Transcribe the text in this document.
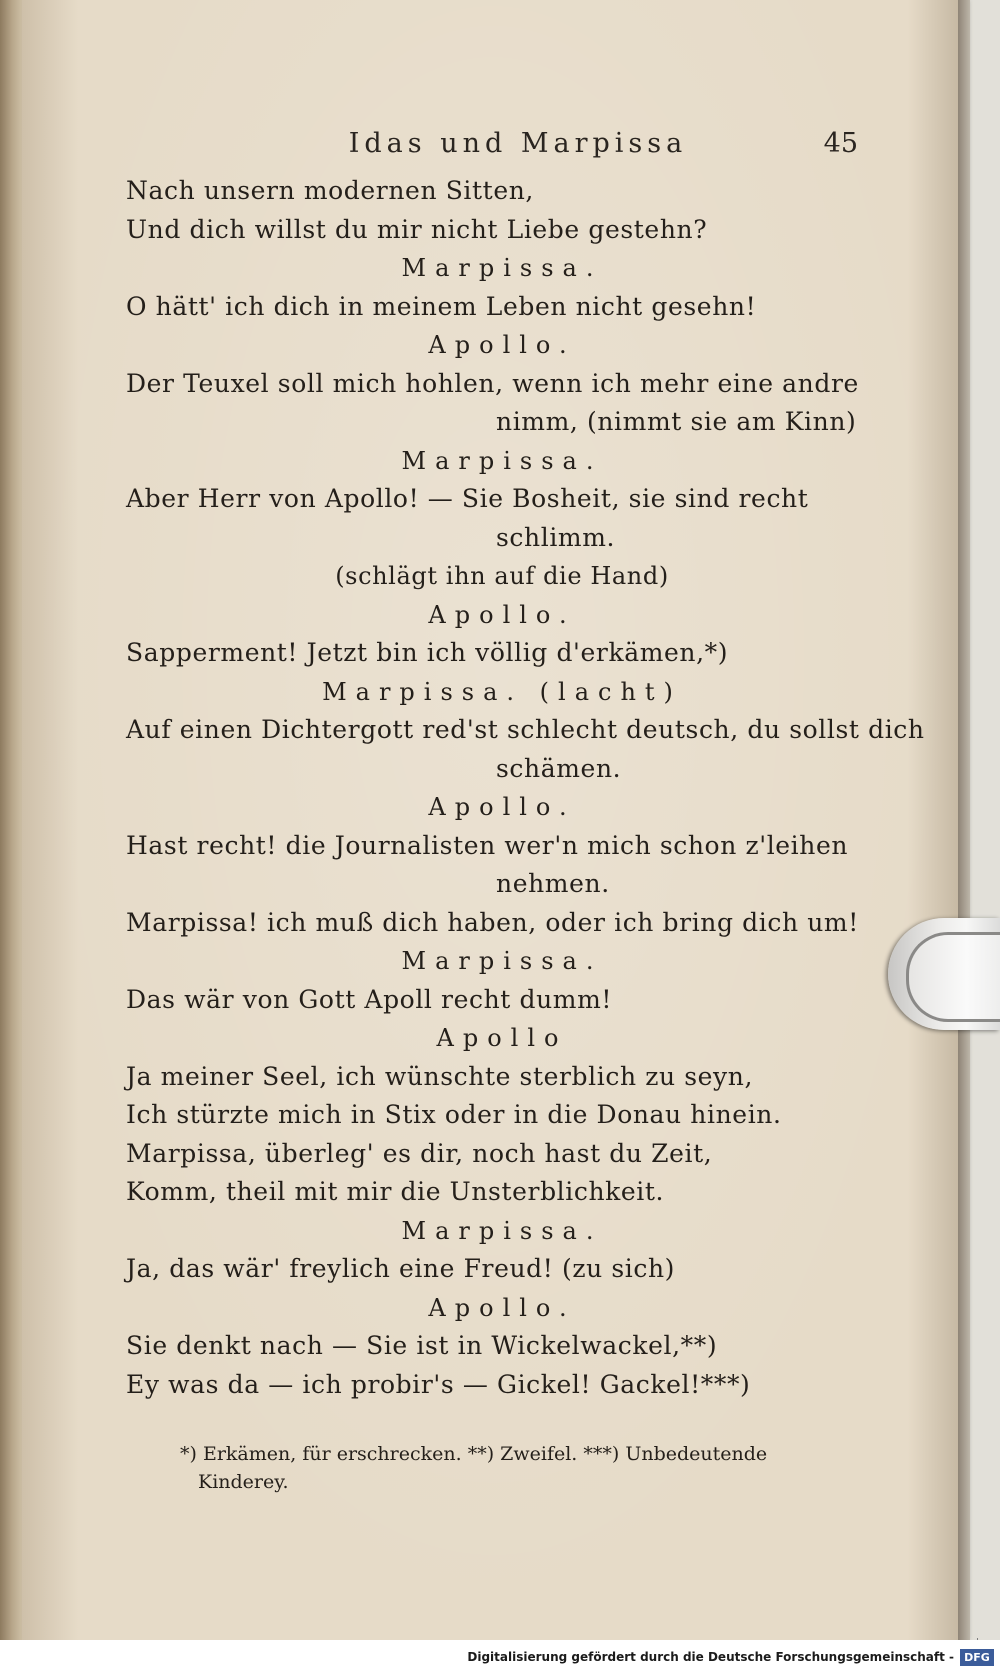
Idas und Marpissa	45
Nach unsern modernen Sitten,
Und dich willst du mir nicht Liebe gestehn?
Marpissa.
O hätt' ich dich in meinem Leben nicht gesehn!
Apollo.
Der Teuxel soll mich hohlen, wenn ich mehr eine andre
nimm, (nimmt sie am Kinn)
Marpissa.
Aber Herr von Apollo! — Sie Bosheit, sie sind recht
schlimm.
(schlägt ihn auf die Hand)
Apollo.
Sapperment! Jetzt bin ich völlig d'erkämen,*)
Marpissa. (lacht)
Auf einen Dichtergott red'st schlecht deutsch, du sollst dich
schämen.
Apollo.
Hast recht! die Journalisten wer'n mich schon z'leihen
nehmen.
Marpissa! ich muß dich haben, oder ich bring dich um!
Marpissa.
Das wär von Gott Apoll recht dumm!
Apollo
Ja meiner Seel, ich wünschte sterblich zu seyn,
Ich stürzte mich in Stix oder in die Donau hinein.
Marpissa, überleg' es dir, noch hast du Zeit,
Komm, theil mit mir die Unsterblichkeit.
Marpissa.
Ja, das wär' freylich eine Freud! (zu sich)
Apollo.
Sie denkt nach — Sie ist in Wickelwackel,**)
Ey was da — ich probir's — Gickel! Gackel!***)
*) Erkämen, für erschrecken. **) Zweifel. ***) Unbedeutende
Kinderey.
Digitalisierung gefördert durch die Deutsche Forschungsgemeinschaft - DFG
